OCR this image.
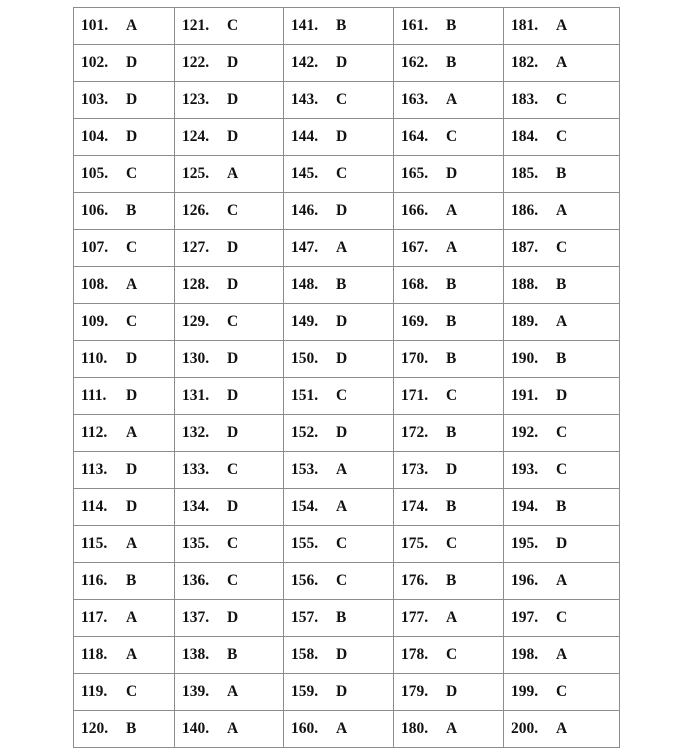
101. A	121. C	141. B	161. B	181. A
102. D	122. D	142. D	162. B	182. A
103. D	123. D	143. C	163. A	183. C
104. D	124. D	144. D	164. C	184. C
105. C	125. A	145. C	165. D	185. B
106. B	126. C	146. D	166. A	186. A
107. C	127. D	147. A	167. A	187. C
108. A	128. D	148. B	168. B	188. B
109. C	129. C	149. D	169. B	189. A
110. D	130. D	150. D	170. B	190. B
111. D	131. D	151. C	171. C	191. D
112. A	132. D	152. D	172. B	192. C
113. D	133. C	153. A	173. D	193. C
114. D	134. D	154. A	174. B	194. B
115. A	135. C	155. C	175. C	195. D
116. B	136. C	156. C	176. B	196. A
117. A	137. D	157. B	177. A	197. C
118. A	138. B	158. D	178. C	198. A
119. C	139. A	159. D	179. D	199. C
120. B	140. A	160. A	180. A	200. A
